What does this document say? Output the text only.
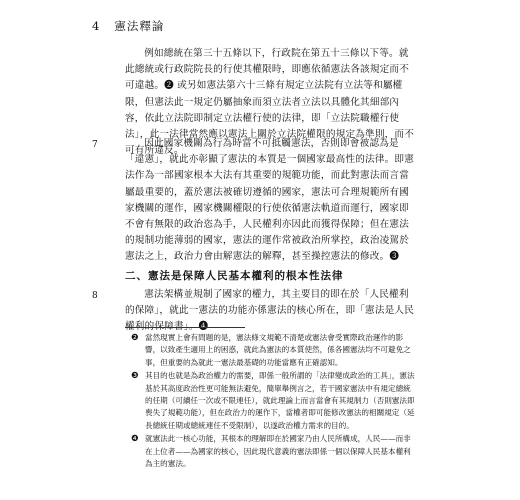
4 憲法釋論

例如總統在第三十五條以下，行政院在第五十三條以下等。就此總統或行政院院長的行使其權限時，即應依循憲法各該規定而不可違越。❷ 或另如憲法第六十三條有規定立法院有立法等和屬權限，但憲法此一規定仍屬抽象而須立法者立法以具體化其細部內容，依此立法院即制定立法權行使的法律，即「立法院職權行使法」，此一法律當然應以憲法上關於立法院權限的規定為準則，而不可有所違反。

7	因此國家機關為行為時當不可抵觸憲法，否則即會被認為是「違憲」，就此亦彰顯了憲法的本質是一個國家最高性的法律。即憲法作為一部國家根本大法有其重要的規範功能，而此對憲法而言當屬最重要的，蓋於憲法被確切遵循的國家，憲法可合理規範所有國家機關的運作，國家機關權限的行使依循憲法軌道而運行，國家即不會有無限的政治恣為手，人民權利亦因此而獲得保障；但在憲法的規制功能薄弱的國家，憲法的運作常被政治所掌控，政治凌駕於憲法之上，政治力會由解憲法的解釋，甚至操控憲法的修改。❸

二、憲法是保障人民基本權利的根本性法律
8	憲法架構並規制了國家的權力，其主要目的即在於「人民權利的保障」，就此一憲法的功能亦係憲法的核心所在，即「憲法是人民權利的保障書」。❹

❷ 當然現實上會有問題的是，憲法條文規範不清楚或憲法會受實際政治運作的影響，以致產生適用上的困惑，就此為憲法的本質使然，係各國憲法均不可避免之事，但重要的為就此一憲法最基礎的功能當應有正確認知。
❸ 其目的也就是為政治權力的需要，即係一般所謂的「法律變成政治的工具」，憲法基於其高度政治性更可能無法避免，簡單舉例言之，若干國家憲法中有規定總統的任期（可續任一次或不限連任），就此理論上而言當會有其規制力（否則憲法即喪失了規範功能），但在政治力的運作下，當權者即可能修改憲法的相關規定（延長總統任期或總統連任不受限制），以遂政治權力需求的目的。
❹ 就憲法此一核心功能，其根本的理解即在於國家乃由人民所構成，人民——而非在上位者——為國家的核心，因此現代意義的憲法即係一個以保障人民基本權利為主的憲法。
